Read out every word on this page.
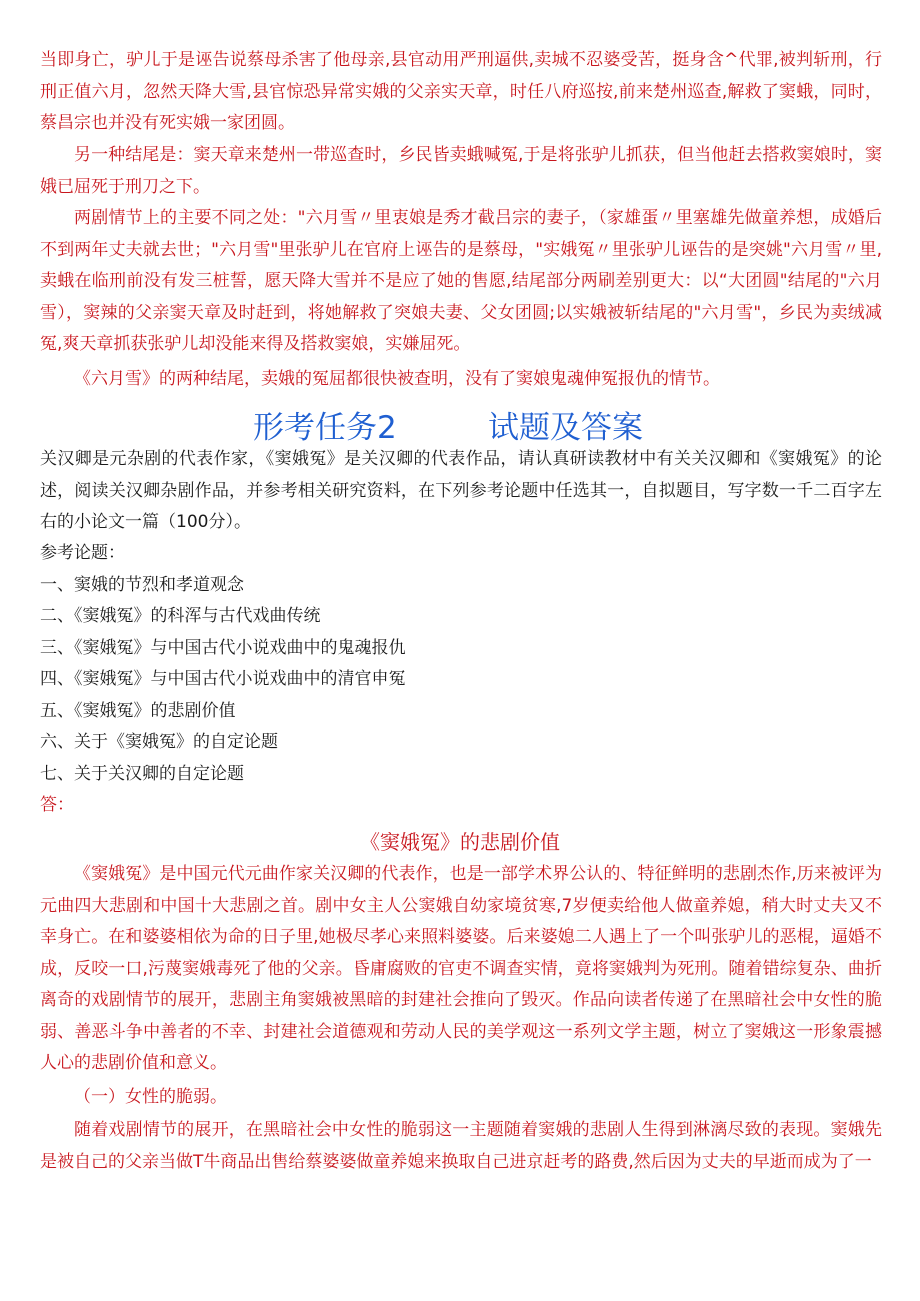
当即身亡，驴儿于是诬告说蔡母杀害了他母亲,县官动用严刑逼供,卖城不忍婆受苦，挺身含^代罪,被判斩刑，行刑正值六月，忽然天降大雪,县官惊恐异常实娥的父亲实天章，时任八府巡按,前来楚州巡查,解救了窦蛾，同时，蔡昌宗也并没有死实娥一家团圆。

另一种结尾是：窦天章来楚州一带巡查时，乡民皆卖蛾喊冤,于是将张驴儿抓获，但当他赶去搭救窦娘时，窦娥已屈死于刑刀之下。

两剧情节上的主要不同之处："六月雪〃里衷娘是秀才截吕宗的妻子，（家雄蛋〃里塞雄先做童养想，成婚后不到两年丈夫就去世；"六月雪"里张驴儿在官府上诬告的是蔡母，"实娥冤〃里张驴儿诬告的是突姚"六月雪〃里,卖蛾在临刑前没有发三桩誓，愿天降大雪并不是应了她的售愿,结尾部分两刷差别更大：以“大团圆"结尾的"六月雪），窦辣的父亲窦天章及时赶到，将她解救了突娘夫妻、父女团圆;以实娥被斩结尾的"六月雪"，乡民为卖绒减冤,爽天章抓获张驴儿却没能来得及搭救窦娘，实嫌屈死。

《六月雪》的两种结尾，卖娥的冤屈都很快被查明，没有了窦娘鬼魂伸冤报仇的情节。

形考任务2	试题及答案

关汉卿是元杂剧的代表作家，《窦娥冤》是关汉卿的代表作品，请认真研读教材中有关关汉卿和《窦娥冤》的论述，阅读关汉卿杂剧作品，并参考相关研究资料，在下列参考论题中任选其一，自拟题目，写字数一千二百字左右的小论文一篇（100分）。

参考论题：

一、窦娥的节烈和孝道观念

二、《窦娥冤》的科浑与古代戏曲传统

三、《窦娥冤》与中国古代小说戏曲中的鬼魂报仇

四、《窦娥冤》与中国古代小说戏曲中的清官申冤

五、《窦娥冤》的悲剧价值

六、关于《窦娥冤》的自定论题

七、关于关汉卿的自定论题

答：

《窦娥冤》的悲剧价值

《窦娥冤》是中国元代元曲作家关汉卿的代表作，也是一部学术界公认的、特征鲜明的悲剧杰作,历来被评为元曲四大悲剧和中国十大悲剧之首。剧中女主人公窦娥自幼家境贫寒,7岁便卖给他人做童养媳，稍大时丈夫又不幸身亡。在和婆婆相依为命的日子里,她极尽孝心来照料婆婆。后来婆媳二人遇上了一个叫张驴儿的恶棍，逼婚不成，反咬一口,污蔑窦娥毒死了他的父亲。昏庸腐败的官吏不调查实情，竟将窦娥判为死刑。随着错综复杂、曲折离奇的戏剧情节的展开，悲剧主角窦娥被黑暗的封建社会推向了毁灭。作品向读者传递了在黑暗社会中女性的脆弱、善恶斗争中善者的不幸、封建社会道德观和劳动人民的美学观这一系列文学主题，树立了窦娥这一形象震撼人心的悲剧价值和意义。

（一）女性的脆弱。

随着戏剧情节的展开，在黑暗社会中女性的脆弱这一主题随着窦娥的悲剧人生得到淋漓尽致的表现。窦娥先是被自己的父亲当做T牛商品出售给蔡婆婆做童养媳来换取自己进京赶考的路费,然后因为丈夫的早逝而成为了一
